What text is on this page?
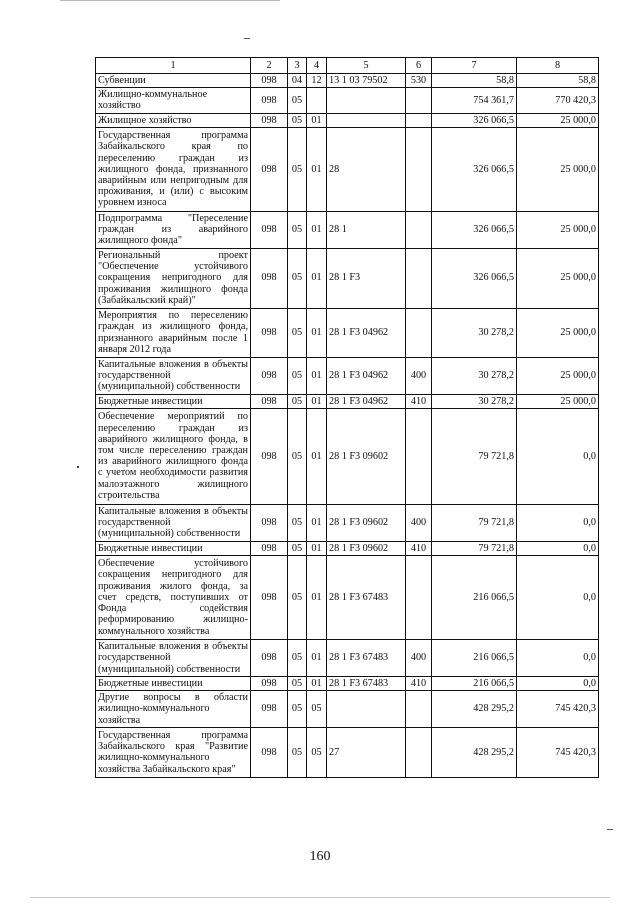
1	2	3	4	5	6	7	8
Субвенции	098	04	12	13 1 03 79502	530	58,8	58,8
Жилищно-коммунальное хозяйство	098	05				754 361,7	770 420,3
Жилищное хозяйство	098	05	01			326 066,5	25 000,0
Государственная программа Забайкальского края по переселению граждан из жилищного фонда, признанного аварийным или непригодным для проживания, и (или) с высоким уровнем износа	098	05	01	28		326 066,5	25 000,0
Подпрограмма "Переселение граждан из аварийного жилищного фонда"	098	05	01	28 1		326 066,5	25 000,0
Региональный проект "Обеспечение устойчивого сокращения непригодного для проживания жилищного фонда (Забайкальский край)"	098	05	01	28 1 F3		326 066,5	25 000,0
Мероприятия по переселению граждан из жилищного фонда, признанного аварийным после 1 января 2012 года	098	05	01	28 1 F3 04962		30 278,2	25 000,0
Капитальные вложения в объекты государственной (муниципальной) собственности	098	05	01	28 1 F3 04962	400	30 278,2	25 000,0
Бюджетные инвестиции	098	05	01	28 1 F3 04962	410	30 278,2	25 000,0
Обеспечение мероприятий по переселению граждан из аварийного жилищного фонда, в том числе переселению граждан из аварийного жилищного фонда с учетом необходимости развития малоэтажного жилищного строительства	098	05	01	28 1 F3 09602		79 721,8	0,0
Капитальные вложения в объекты государственной (муниципальной) собственности	098	05	01	28 1 F3 09602	400	79 721,8	0,0
Бюджетные инвестиции	098	05	01	28 1 F3 09602	410	79 721,8	0,0
Обеспечение устойчивого сокращения непригодного для проживания жилого фонда, за счет средств, поступивших от Фонда содействия реформированию жилищно-коммунального хозяйства	098	05	01	28 1 F3 67483		216 066,5	0,0
Капитальные вложения в объекты государственной (муниципальной) собственности	098	05	01	28 1 F3 67483	400	216 066,5	0,0
Бюджетные инвестиции	098	05	01	28 1 F3 67483	410	216 066,5	0,0
Другие вопросы в области жилищно-коммунального хозяйства	098	05	05			428 295,2	745 420,3
Государственная программа Забайкальского края "Развитие жилищно-коммунального хозяйства Забайкальского края"	098	05	05	27		428 295,2	745 420,3
160
